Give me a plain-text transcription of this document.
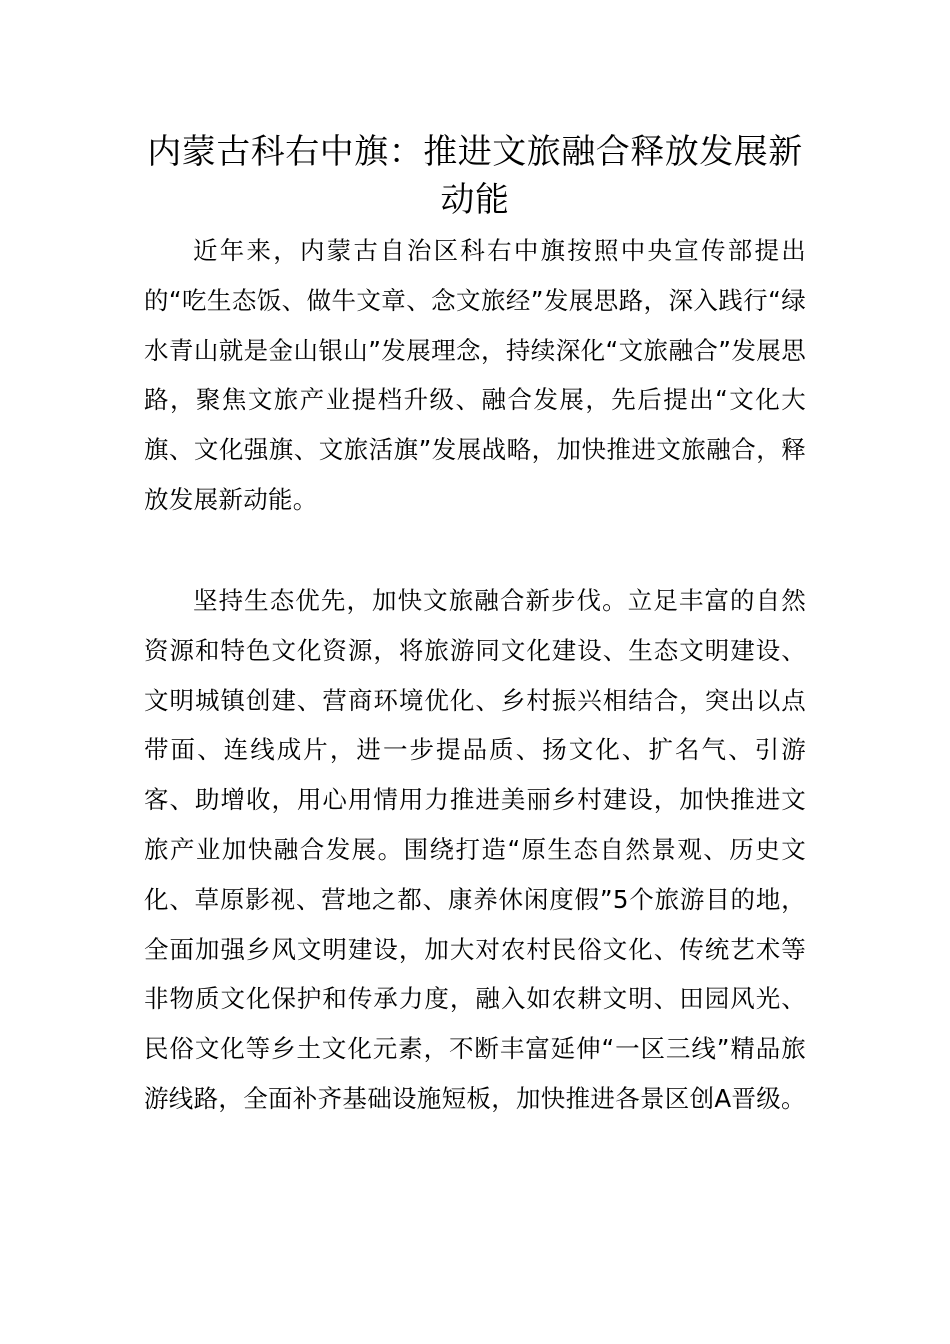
内蒙古科右中旗：推进文旅融合释放发展新动能

近年来，内蒙古自治区科右中旗按照中央宣传部提出的“吃生态饭、做牛文章、念文旅经”发展思路，深入践行“绿水青山就是金山银山”发展理念，持续深化“文旅融合”发展思路，聚焦文旅产业提档升级、融合发展，先后提出“文化大旗、文化强旗、文旅活旗”发展战略，加快推进文旅融合，释放发展新动能。

坚持生态优先，加快文旅融合新步伐。立足丰富的自然资源和特色文化资源，将旅游同文化建设、生态文明建设、文明城镇创建、营商环境优化、乡村振兴相结合，突出以点带面、连线成片，进一步提品质、扬文化、扩名气、引游客、助增收，用心用情用力推进美丽乡村建设，加快推进文旅产业加快融合发展。围绕打造“原生态自然景观、历史文化、草原影视、营地之都、康养休闲度假”5个旅游目的地，全面加强乡风文明建设，加大对农村民俗文化、传统艺术等非物质文化保护和传承力度，融入如农耕文明、田园风光、民俗文化等乡土文化元素，不断丰富延伸“一区三线”精品旅游线路，全面补齐基础设施短板，加快推进各景区创A晋级。
